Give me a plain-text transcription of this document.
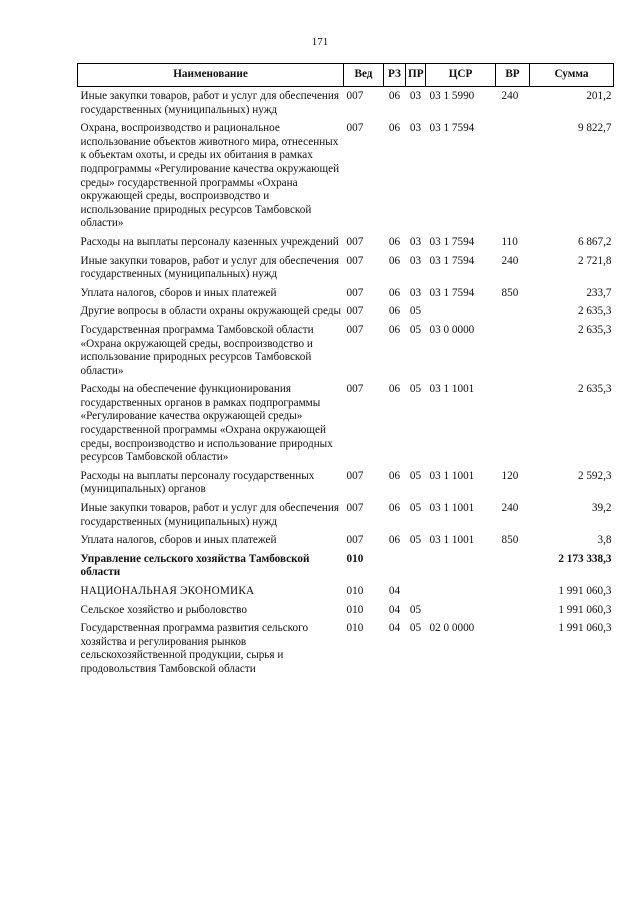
171
Наименование	Вед	РЗ	ПР	ЦСР	ВР	Сумма
Иные закупки товаров, работ и услуг для обеспечения государственных (муниципальных) нужд	007	06	03	03 1 5990	240	201,2
Охрана, воспроизводство и рациональное использование объектов животного мира, отнесенных к объектам охоты, и среды их обитания в рамках подпрограммы «Регулирование качества окружающей среды» государственной программы «Охрана окружающей среды, воспроизводство и использование природных ресурсов Тамбовской области»	007	06	03	03 1 7594		9 822,7
Расходы на выплаты персоналу казенных учреждений	007	06	03	03 1 7594	110	6 867,2
Иные закупки товаров, работ и услуг для обеспечения государственных (муниципальных) нужд	007	06	03	03 1 7594	240	2 721,8
Уплата налогов, сборов и иных платежей	007	06	03	03 1 7594	850	233,7
Другие вопросы в области охраны окружающей среды	007	06	05			2 635,3
Государственная программа Тамбовской области «Охрана окружающей среды, воспроизводство и использование природных ресурсов Тамбовской области»	007	06	05	03 0 0000		2 635,3
Расходы на обеспечение функционирования государственных органов в рамках подпрограммы «Регулирование качества окружающей среды» государственной программы «Охрана окружающей среды, воспроизводство и использование природных ресурсов Тамбовской области»	007	06	05	03 1 1001		2 635,3
Расходы на выплаты персоналу государственных (муниципальных) органов	007	06	05	03 1 1001	120	2 592,3
Иные закупки товаров, работ и услуг для обеспечения государственных (муниципальных) нужд	007	06	05	03 1 1001	240	39,2
Уплата налогов, сборов и иных платежей	007	06	05	03 1 1001	850	3,8
Управление сельского хозяйства Тамбовской области	010					2 173 338,3
НАЦИОНАЛЬНАЯ ЭКОНОМИКА	010	04				1 991 060,3
Сельское хозяйство и рыболовство	010	04	05			1 991 060,3
Государственная программа развития сельского хозяйства и регулирования рынков сельскохозяйственной продукции, сырья и продовольствия Тамбовской области	010	04	05	02 0 0000		1 991 060,3
